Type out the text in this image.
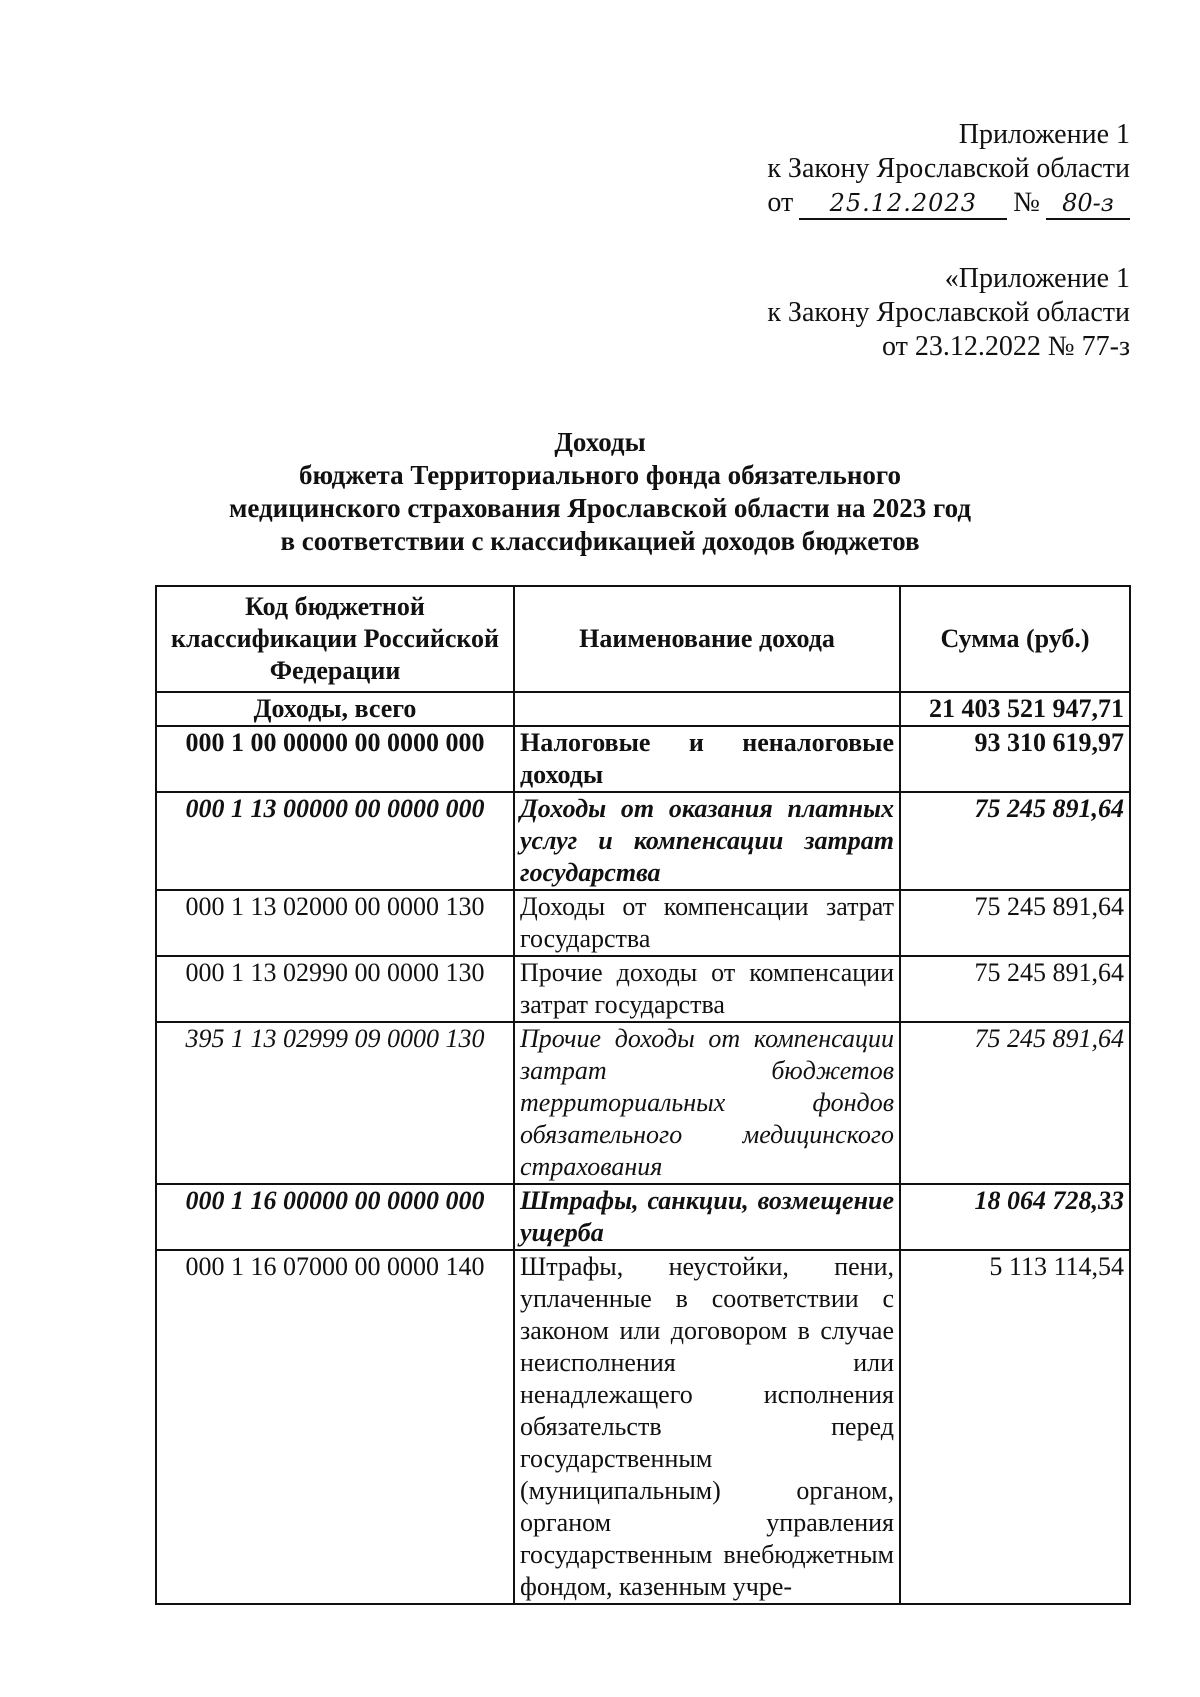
Приложение 1
к Закону Ярославской области
от 25.12.2023 № 80-з
«Приложение 1
к Закону Ярославской области
от 23.12.2022 № 77-з
Доходы
бюджета Территориального фонда обязательного
медицинского страхования Ярославской области на 2023 год
в соответствии с классификацией доходов бюджетов
Код бюджетной классификации Российской Федерации	Наименование дохода	Сумма (руб.)
Доходы, всего		21 403 521 947,71
000 1 00 00000 00 0000 000	Налоговые и неналоговые доходы	93 310 619,97
000 1 13 00000 00 0000 000	Доходы от оказания платных услуг и компенсации затрат государства	75 245 891,64
000 1 13 02000 00 0000 130	Доходы от компенсации затрат государства	75 245 891,64
000 1 13 02990 00 0000 130	Прочие доходы от компенсации затрат государства	75 245 891,64
395 1 13 02999 09 0000 130	Прочие доходы от компенсации затрат бюджетов территориальных фондов обязательного медицинского страхования	75 245 891,64
000 1 16 00000 00 0000 000	Штрафы, санкции, возмещение ущерба	18 064 728,33
000 1 16 07000 00 0000 140	Штрафы, неустойки, пени, уплаченные в соответствии с законом или договором в случае неисполнения или ненадлежащего исполнения обязательств перед государственным (муниципальным) органом, органом управления государственным внебюджетным фондом, казенным учре-	5 113 114,54
